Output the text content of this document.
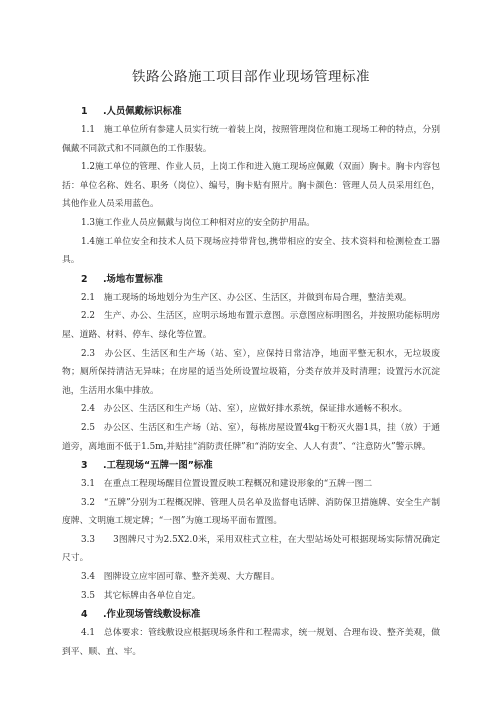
铁路公路施工项目部作业现场管理标准
1 .人员佩戴标识标准
1.1　施工单位所有参建人员实行统一着装上岗，按照管理岗位和施工现场工种的特点，分别佩戴不同款式和不同颜色的工作服装。
1.2施工单位的管理、作业人员，上岗工作和进入施工现场应佩戴（双面）胸卡。胸卡内容包括：单位名称、姓名、职务（岗位）、编号，胸卡贴有照片。胸卡颜色：管理人员人员采用红色，其他作业人员采用蓝色。
1.3施工作业人员应佩戴与岗位工种相对应的安全防护用品。
1.4施工单位安全和技术人员下现场应持带背包,携带相应的安全、技术资料和检测检查工器具。
2 .场地布置标准
2.1　施工现场的场地划分为生产区、办公区、生活区，并做到布局合理，整洁美观。
2.2　生产、办公、生活区，应明示场地布置示意图。示意图应标明图名，并按照功能标明房屋、道路、材料、停车、绿化等位置。
2.3　办公区、生活区和生产场（站、室），应保持日常洁净，地面平整无积水，无垃圾废物；厕所保持清洁无异味；在房屋的适当处所设置垃圾箱，分类存放并及时清理；设置污水沉淀池，生活用水集中排放。
2.4　办公区、生活区和生产场（站、室），应做好排水系统，保证排水通畅不积水。
2.5　办公区、生活区和生产场（站、室），每栋房屋设置4kg干粉灭火器1具，挂（放）于通道旁，离地面不低于1.5m,并贴挂“消防责任牌”和“消防安全、人人有责”、“注意防火”警示牌。
3 .工程现场“五牌一图”标准
3.1　在重点工程现场醒目位置设置反映工程概况和建设形象的“五牌一图二
3.2　“五牌”分别为工程概况牌、管理人员名单及监督电话牌、消防保卫措施牌、安全生产制度牌、文明施工规定牌；“一图”为施工现场平面布置图。
3.3　　3图牌尺寸为2.5X2.0米，采用双柱式立柱，在大型站场处可根据现场实际情况确定尺寸。
3.4　图牌设立应牢固可靠、整齐美观、大方醒目。
3.5　其它标牌由各单位自定。
4 .作业现场管线敷设标准
4.1　总体要求：管线敷设应根据现场条件和工程需求，统一规划、合理布设、整齐美观，做到平、顺、直、牢。
